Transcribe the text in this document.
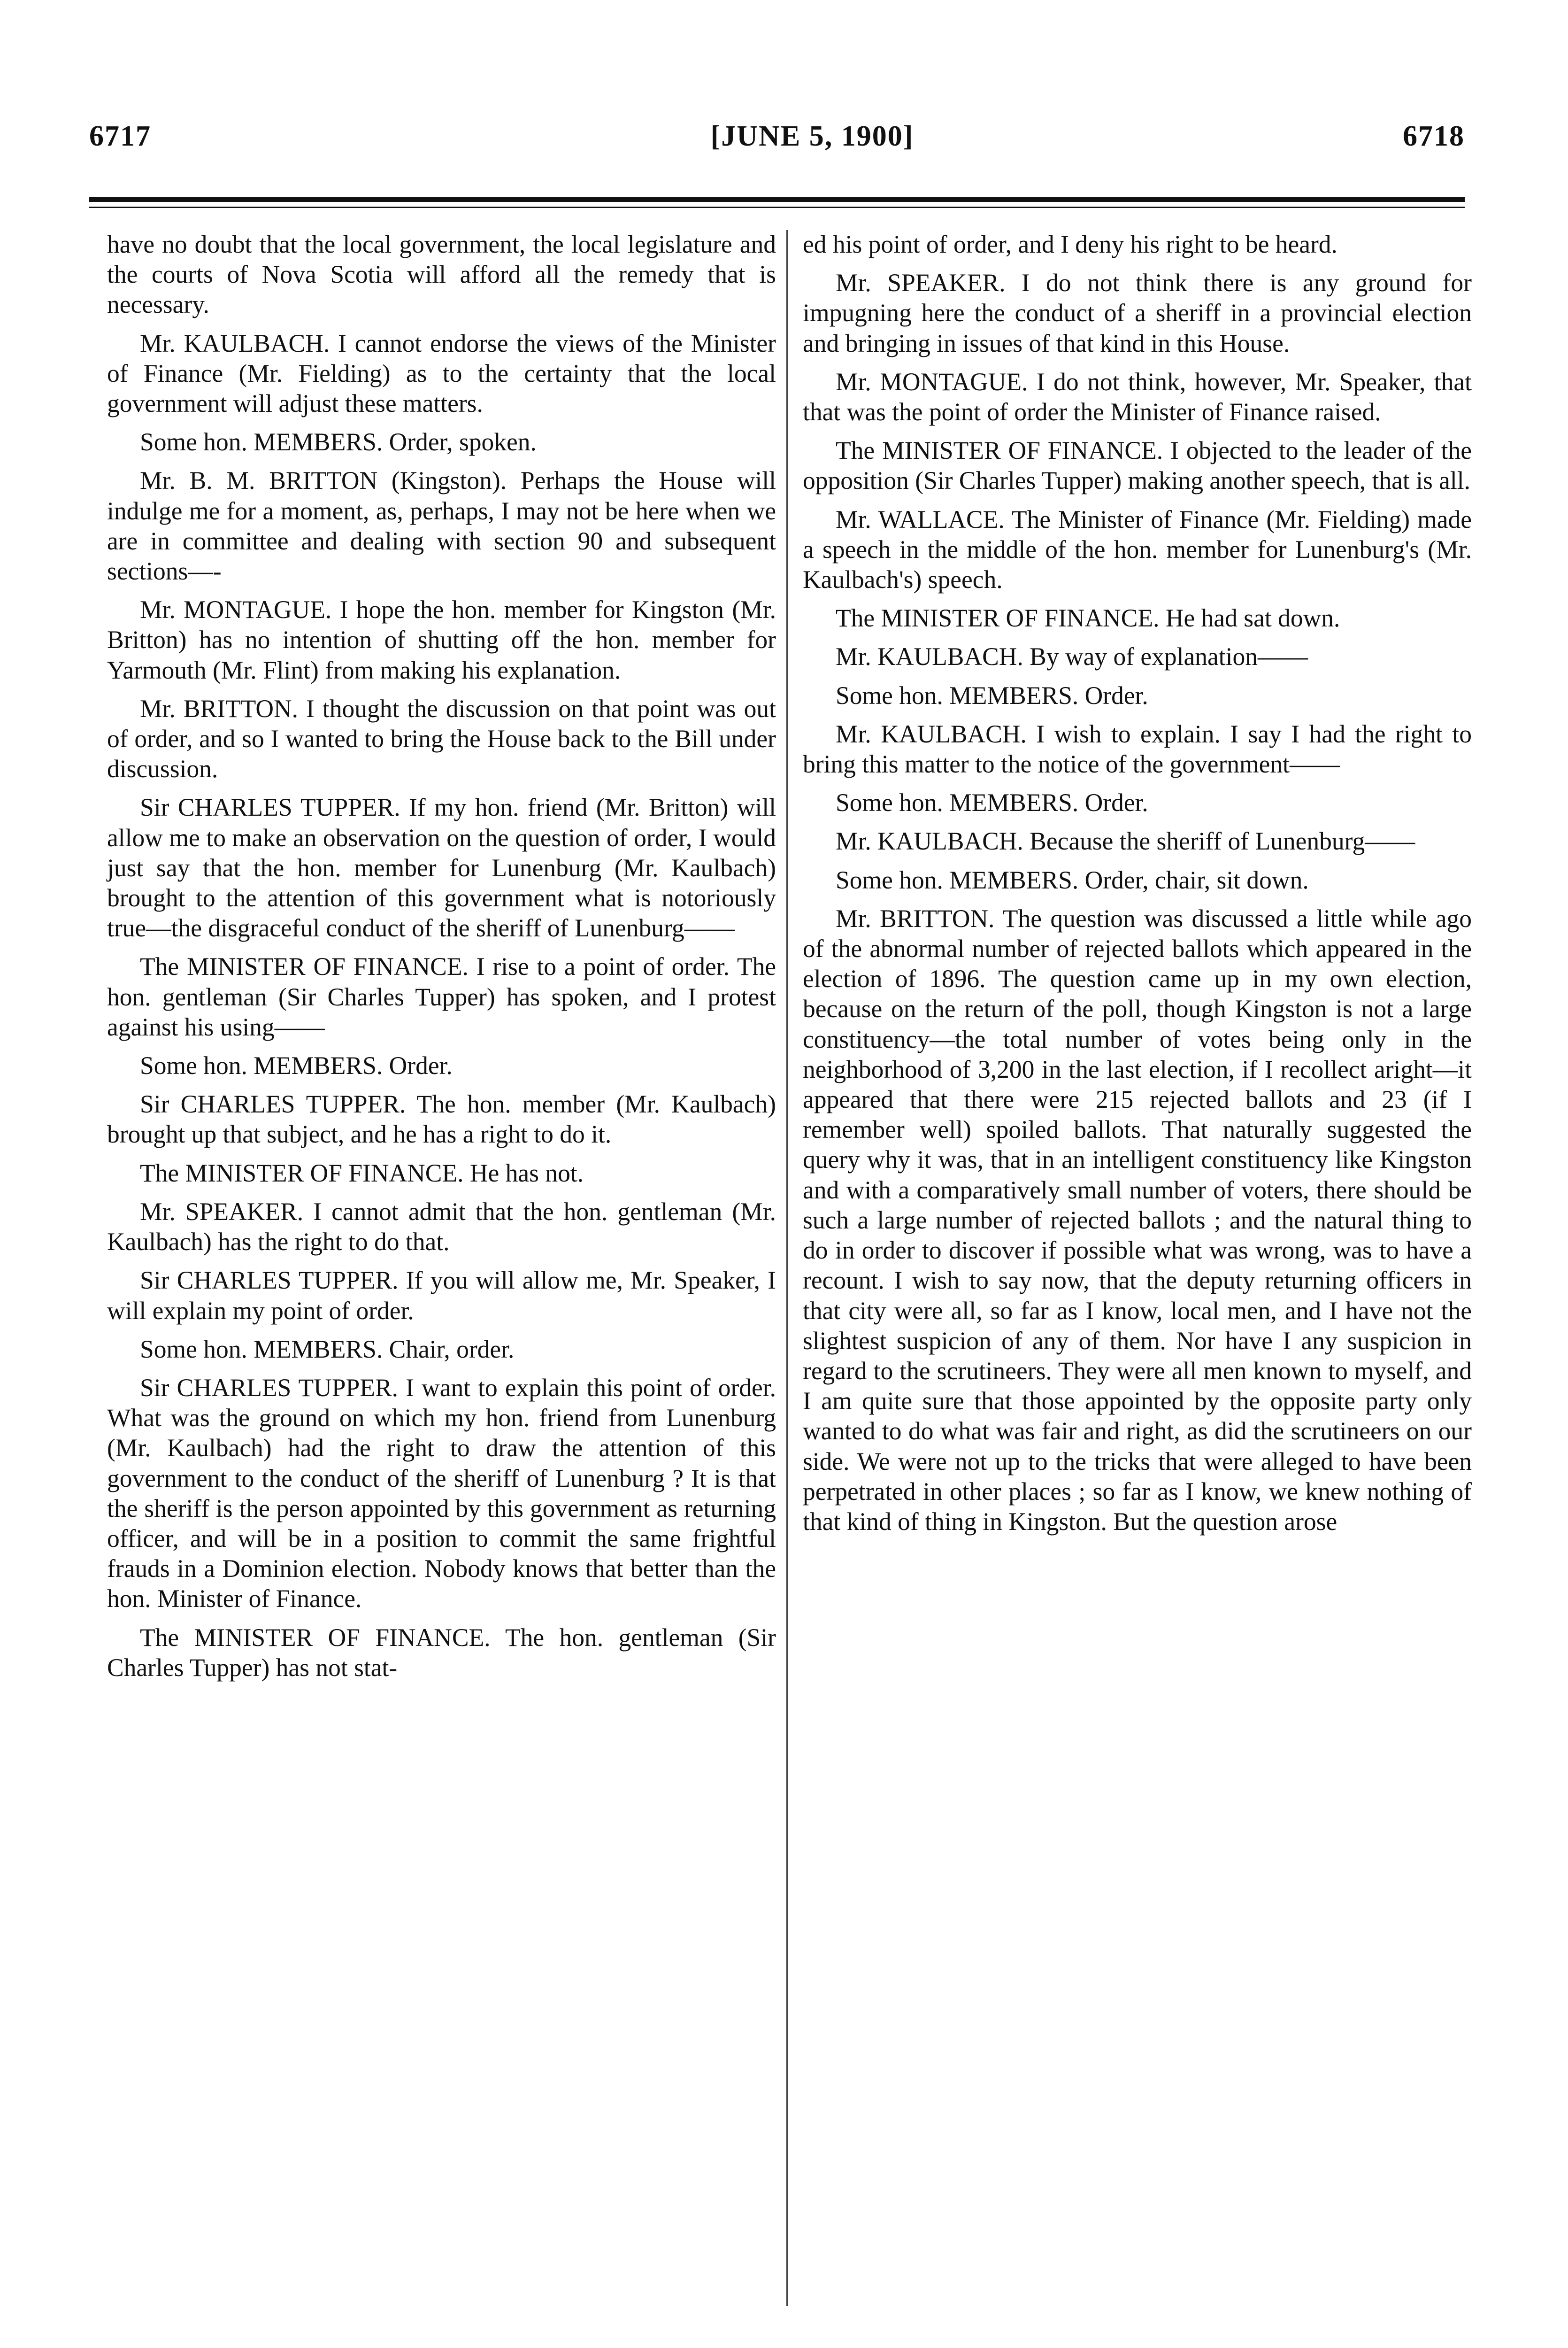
6717	[JUNE 5, 1900]	6718

have no doubt that the local government, the local legislature and the courts of Nova Scotia will afford all the remedy that is necessary.

Mr. KAULBACH. I cannot endorse the views of the Minister of Finance (Mr. Fielding) as to the certainty that the local government will adjust these matters.

Some hon. MEMBERS. Order, spoken.

Mr. B. M. BRITTON (Kingston). Perhaps the House will indulge me for a moment, as, perhaps, I may not be here when we are in committee and dealing with section 90 and subsequent sections—-

Mr. MONTAGUE. I hope the hon. member for Kingston (Mr. Britton) has no intention of shutting off the hon. member for Yarmouth (Mr. Flint) from making his explanation.

Mr. BRITTON. I thought the discussion on that point was out of order, and so I wanted to bring the House back to the Bill under discussion.

Sir CHARLES TUPPER. If my hon. friend (Mr. Britton) will allow me to make an observation on the question of order, I would just say that the hon. member for Lunenburg (Mr. Kaulbach) brought to the attention of this government what is notoriously true—the disgraceful conduct of the sheriff of Lunenburg——

The MINISTER OF FINANCE. I rise to a point of order. The hon. gentleman (Sir Charles Tupper) has spoken, and I protest against his using——

Some hon. MEMBERS. Order.

Sir CHARLES TUPPER. The hon. member (Mr. Kaulbach) brought up that subject, and he has a right to do it.

The MINISTER OF FINANCE. He has not.

Mr. SPEAKER. I cannot admit that the hon. gentleman (Mr. Kaulbach) has the right to do that.

Sir CHARLES TUPPER. If you will allow me, Mr. Speaker, I will explain my point of order.

Some hon. MEMBERS. Chair, order.

Sir CHARLES TUPPER. I want to explain this point of order. What was the ground on which my hon. friend from Lunenburg (Mr. Kaulbach) had the right to draw the attention of this government to the conduct of the sheriff of Lunenburg ? It is that the sheriff is the person appointed by this government as returning officer, and will be in a position to commit the same frightful frauds in a Dominion election. Nobody knows that better than the hon. Minister of Finance.

The MINISTER OF FINANCE. The hon. gentleman (Sir Charles Tupper) has not stat-

ed his point of order, and I deny his right to be heard.

Mr. SPEAKER. I do not think there is any ground for impugning here the conduct of a sheriff in a provincial election and bringing in issues of that kind in this House.

Mr. MONTAGUE. I do not think, however, Mr. Speaker, that that was the point of order the Minister of Finance raised.

The MINISTER OF FINANCE. I objected to the leader of the opposition (Sir Charles Tupper) making another speech, that is all.

Mr. WALLACE. The Minister of Finance (Mr. Fielding) made a speech in the middle of the hon. member for Lunenburg's (Mr. Kaulbach's) speech.

The MINISTER OF FINANCE. He had sat down.

Mr. KAULBACH. By way of explanation——

Some hon. MEMBERS. Order.

Mr. KAULBACH. I wish to explain. I say I had the right to bring this matter to the notice of the government——

Some hon. MEMBERS. Order.

Mr. KAULBACH. Because the sheriff of Lunenburg——

Some hon. MEMBERS. Order, chair, sit down.

Mr. BRITTON. The question was discussed a little while ago of the abnormal number of rejected ballots which appeared in the election of 1896. The question came up in my own election, because on the return of the poll, though Kingston is not a large constituency—the total number of votes being only in the neighborhood of 3,200 in the last election, if I recollect aright—it appeared that there were 215 rejected ballots and 23 (if I remember well) spoiled ballots. That naturally suggested the query why it was, that in an intelligent constituency like Kingston and with a comparatively small number of voters, there should be such a large number of rejected ballots ; and the natural thing to do in order to discover if possible what was wrong, was to have a recount. I wish to say now, that the deputy returning officers in that city were all, so far as I know, local men, and I have not the slightest suspicion of any of them. Nor have I any suspicion in regard to the scrutineers. They were all men known to myself, and I am quite sure that those appointed by the opposite party only wanted to do what was fair and right, as did the scrutineers on our side. We were not up to the tricks that were alleged to have been perpetrated in other places ; so far as I know, we knew nothing of that kind of thing in Kingston. But the question arose
